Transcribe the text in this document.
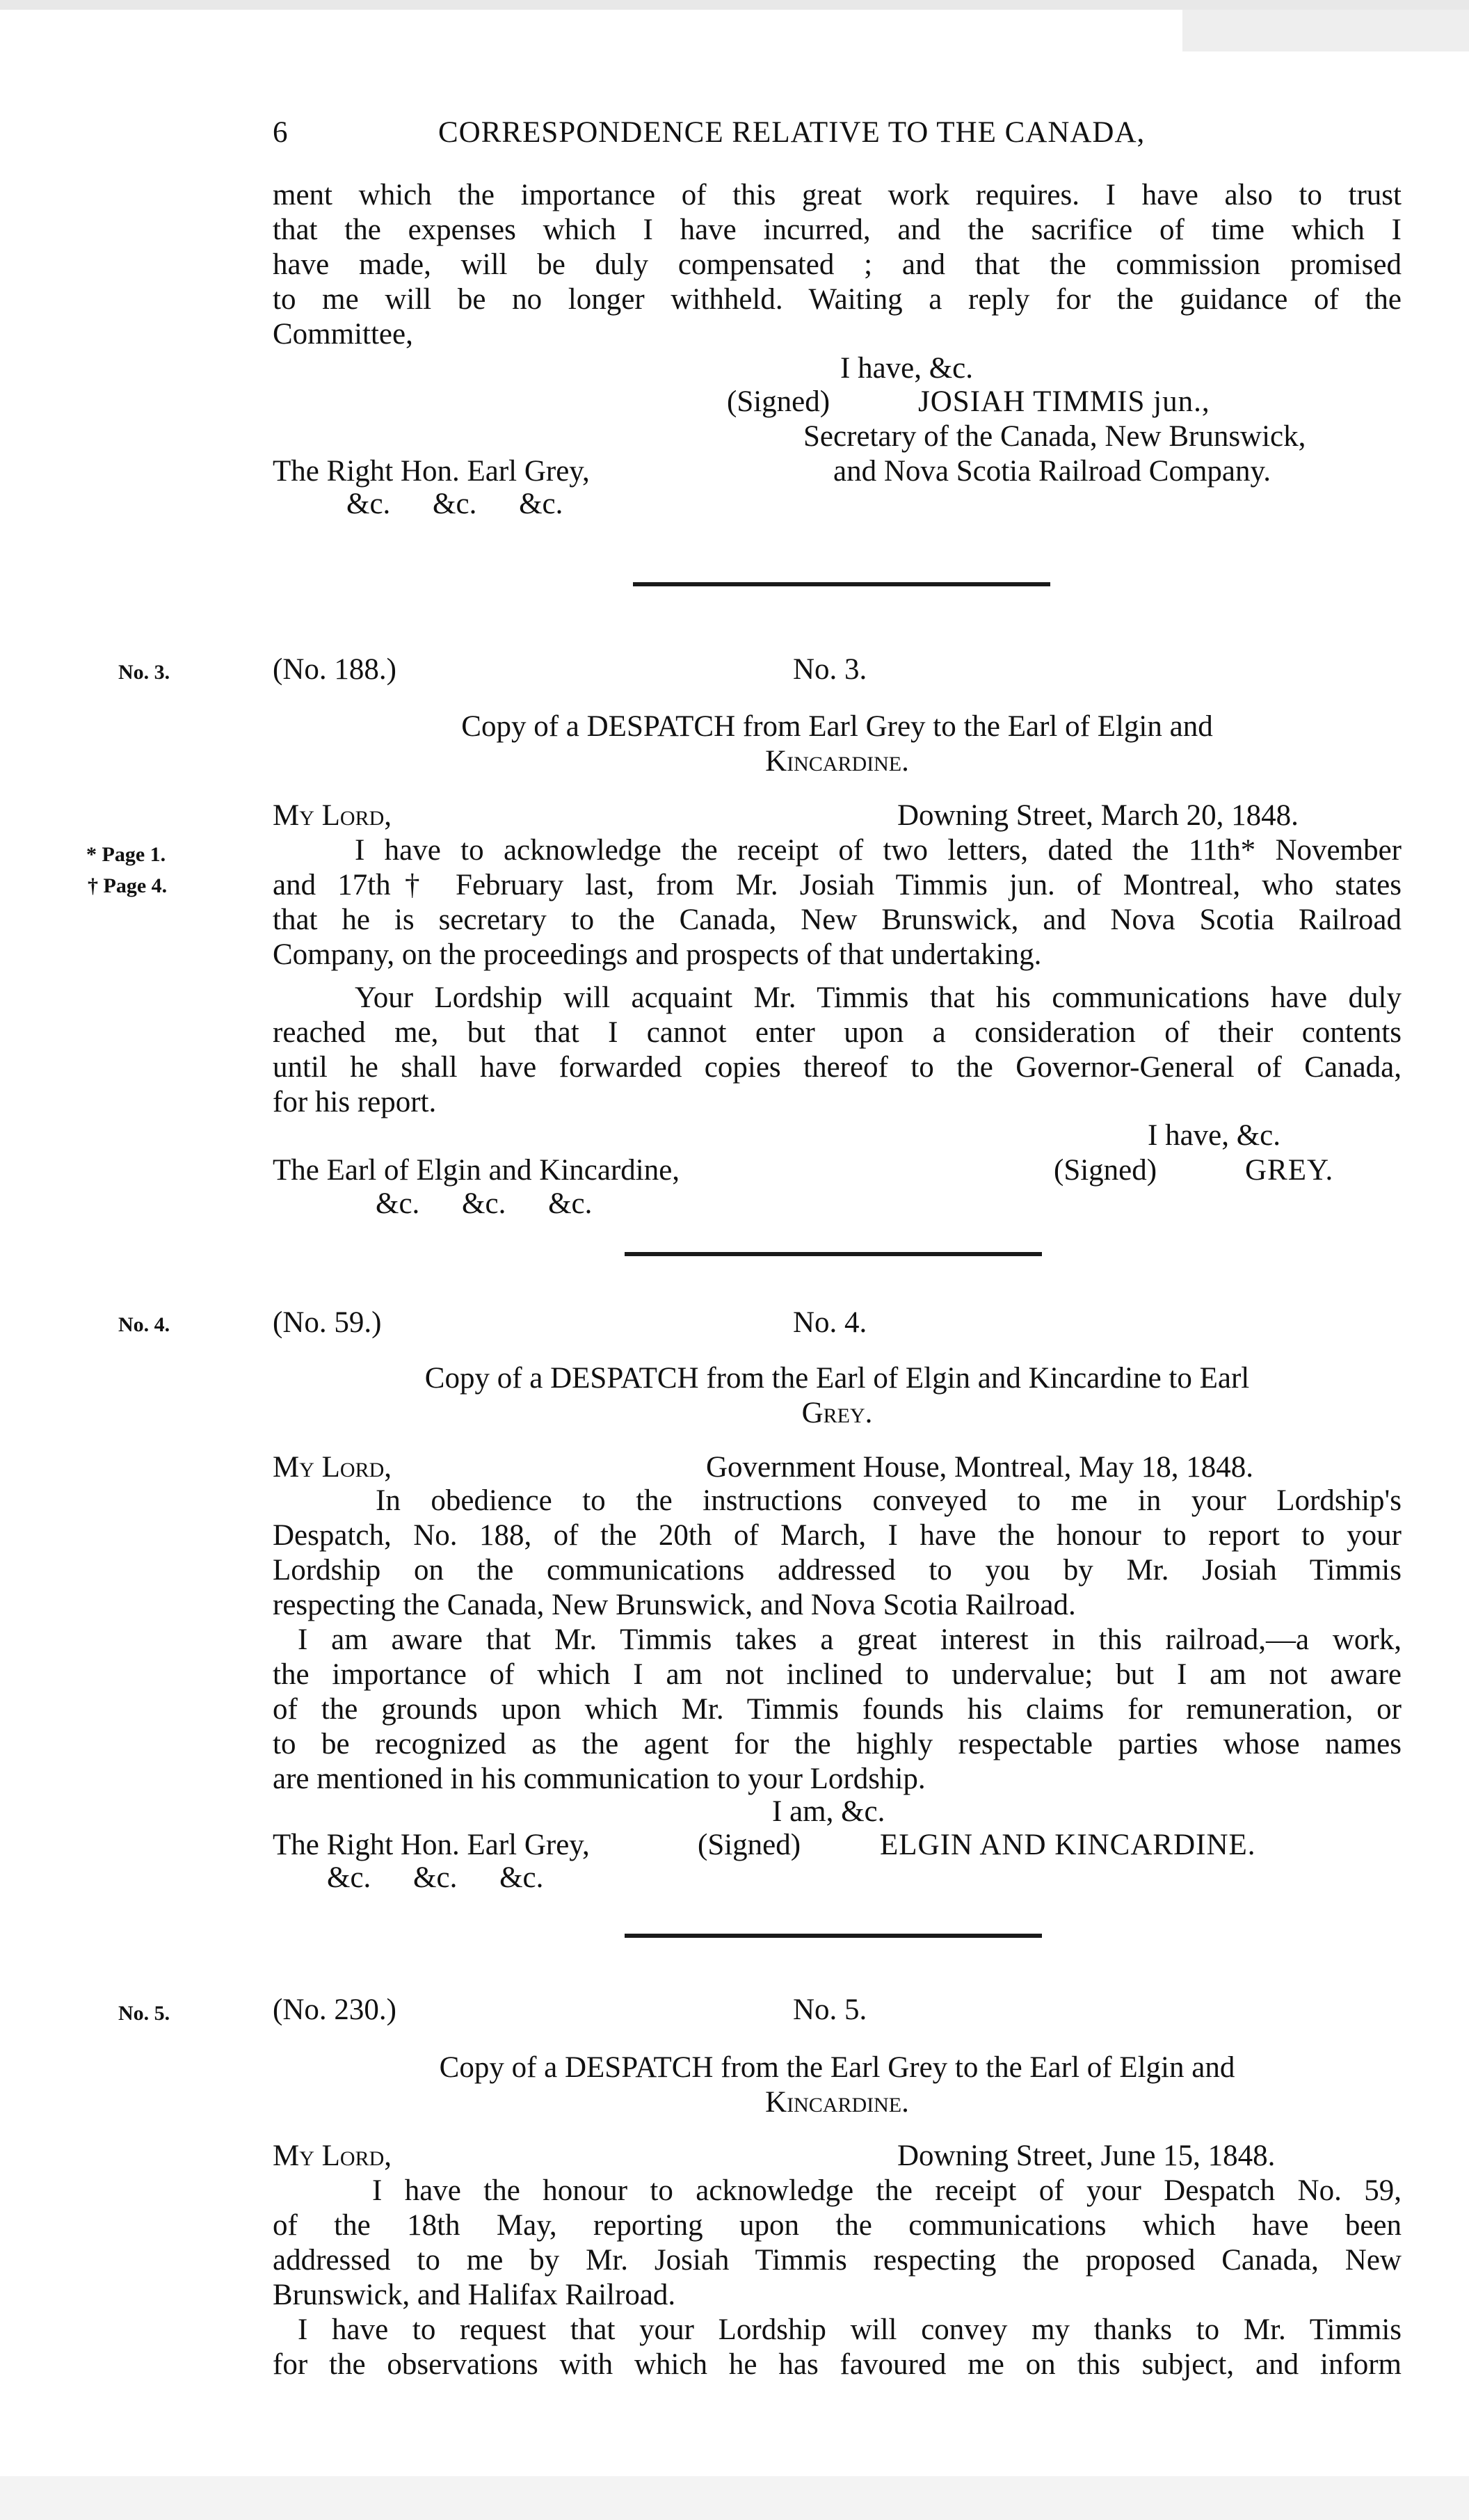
6	CORRESPONDENCE RELATIVE TO THE CANADA,
ment which the importance of this great work requires. I have also to trust
that the expenses which I have incurred, and the sacrifice of time which I
have made, will be duly compensated ; and that the commission promised
to me will be no longer withheld. Waiting a reply for the guidance of the
Committee,
I have, &c.
(Signed)	JOSIAH TIMMIS jun.,
Secretary of the Canada, New Brunswick,
The Right Hon. Earl Grey,	and Nova Scotia Railroad Company.
&c. &c. &c.
No. 3.	(No. 188.)	No. 3.
Copy of a DESPATCH from Earl Grey to the Earl of Elgin and
Kincardine.
My Lord,	Downing Street, March 20, 1848.
* Page 1.
† Page 4.
I have to acknowledge the receipt of two letters, dated the 11th* November
and 17th† February last, from Mr. Josiah Timmis jun. of Montreal, who states
that he is secretary to the Canada, New Brunswick, and Nova Scotia Railroad
Company, on the proceedings and prospects of that undertaking.
Your Lordship will acquaint Mr. Timmis that his communications have duly
reached me, but that I cannot enter upon a consideration of their contents
until he shall have forwarded copies thereof to the Governor-General of Canada,
for his report.
I have, &c.
The Earl of Elgin and Kincardine,	(Signed)	GREY.
&c. &c. &c.
No. 4.	(No. 59.)	No. 4.
Copy of a DESPATCH from the Earl of Elgin and Kincardine to Earl
Grey.
My Lord,	Government House, Montreal, May 18, 1848.
In obedience to the instructions conveyed to me in your Lordship's
Despatch, No. 188, of the 20th of March, I have the honour to report to your
Lordship on the communications addressed to you by Mr. Josiah Timmis
respecting the Canada, New Brunswick, and Nova Scotia Railroad.
I am aware that Mr. Timmis takes a great interest in this railroad,—a work,
the importance of which I am not inclined to undervalue; but I am not aware
of the grounds upon which Mr. Timmis founds his claims for remuneration, or
to be recognized as the agent for the highly respectable parties whose names
are mentioned in his communication to your Lordship.
I am, &c.
The Right Hon. Earl Grey,	(Signed)	ELGIN AND KINCARDINE.
&c. &c. &c.
No. 5.	(No. 230.)	No. 5.
Copy of a DESPATCH from the Earl Grey to the Earl of Elgin and
Kincardine.
My Lord,	Downing Street, June 15, 1848.
I have the honour to acknowledge the receipt of your Despatch No. 59,
of the 18th May, reporting upon the communications which have been
addressed to me by Mr. Josiah Timmis respecting the proposed Canada, New
Brunswick, and Halifax Railroad.
I have to request that your Lordship will convey my thanks to Mr. Timmis
for the observations with which he has favoured me on this subject, and inform
